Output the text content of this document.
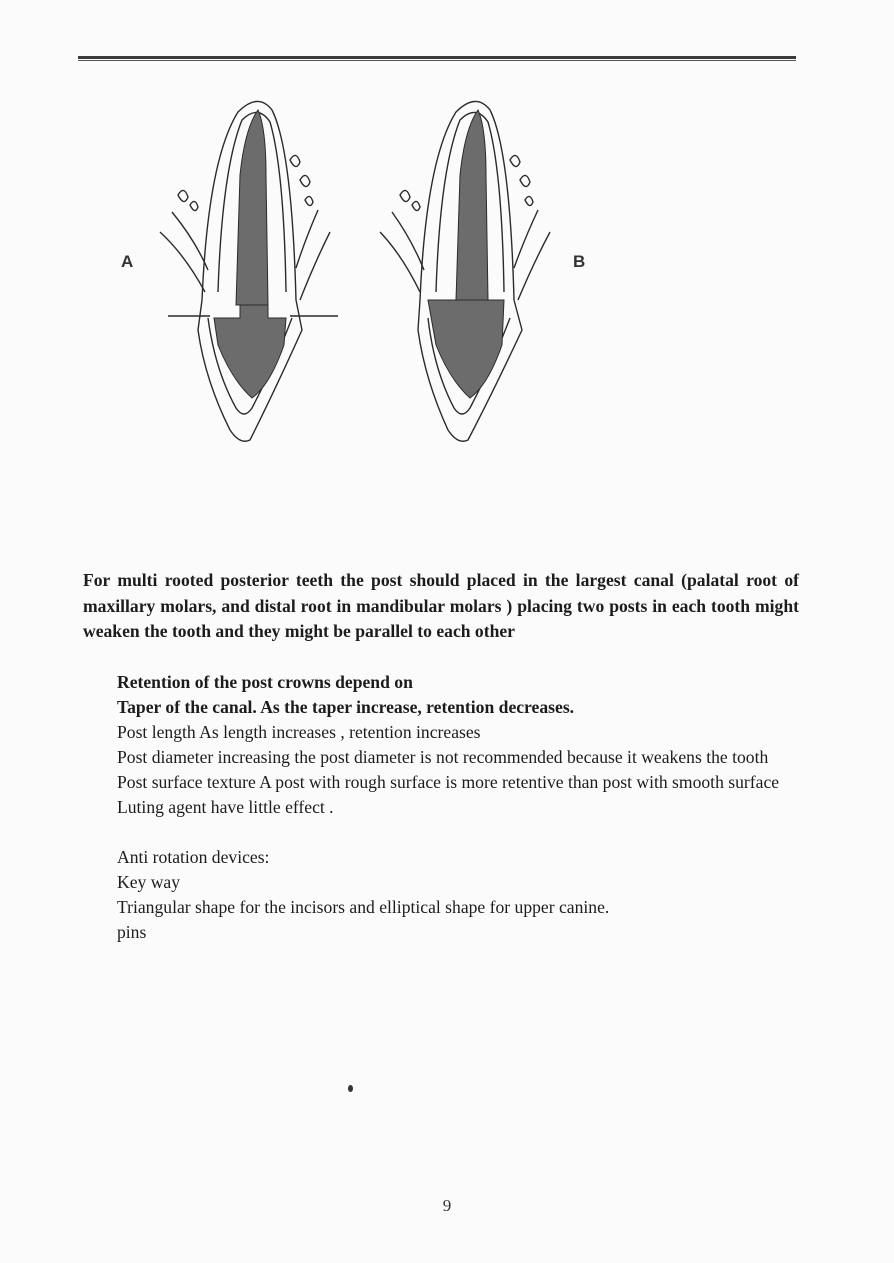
A	B

For multi rooted posterior teeth the post should placed in the largest canal (palatal root of maxillary molars, and distal root in mandibular molars ) placing two posts in each tooth might weaken the tooth and they might be parallel to each other

Retention of the post crowns depend on
Taper of the canal. As the taper increase, retention decreases.
Post length As length increases , retention increases
Post diameter increasing the post diameter is not recommended because it weakens the tooth
Post surface texture A post with rough surface is more retentive than post with smooth surface
Luting agent have little effect .
Anti rotation devices:
Key way
Triangular shape for the incisors and elliptical shape for upper canine.
pins
9
